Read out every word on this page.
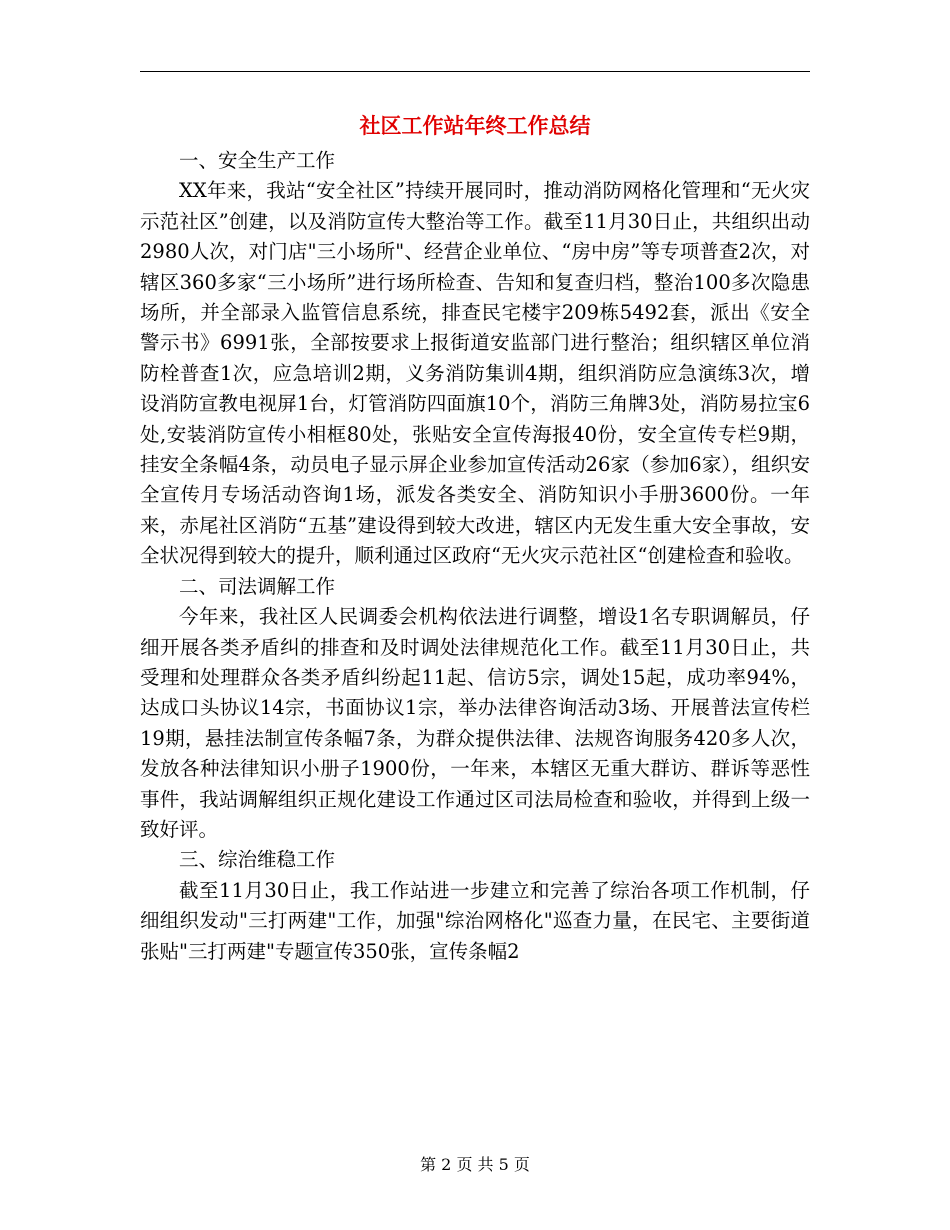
社区工作站年终工作总结

一、安全生产工作

XX年来，我站“安全社区”持续开展同时，推动消防网格化管理和“无火灾示范社区”创建，以及消防宣传大整治等工作。截至11月30日止，共组织出动2980人次，对门店"三小场所"、经营企业单位、“房中房”等专项普查2次，对辖区360多家“三小场所”进行场所检查、告知和复查归档，整治100多次隐患场所，并全部录入监管信息系统，排查民宅楼宇209栋5492套，派出《安全警示书》6991张，全部按要求上报街道安监部门进行整治；组织辖区单位消防栓普查1次，应急培训2期，义务消防集训4期，组织消防应急演练3次，增设消防宣教电视屏1台，灯管消防四面旗10个，消防三角牌3处，消防易拉宝6处,安装消防宣传小相框80处，张贴安全宣传海报40份，安全宣传专栏9期，挂安全条幅4条，动员电子显示屏企业参加宣传活动26家（参加6家），组织安全宣传月专场活动咨询1场，派发各类安全、消防知识小手册3600份。一年来，赤尾社区消防“五基”建设得到较大改进，辖区内无发生重大安全事故，安全状况得到较大的提升，顺利通过区政府“无火灾示范社区“创建检查和验收。

二、司法调解工作

今年来，我社区人民调委会机构依法进行调整，增设1名专职调解员，仔细开展各类矛盾纠的排查和及时调处法律规范化工作。截至11月30日止，共受理和处理群众各类矛盾纠纷起11起、信访5宗，调处15起，成功率94%，达成口头协议14宗，书面协议1宗，举办法律咨询活动3场、开展普法宣传栏19期，悬挂法制宣传条幅7条，为群众提供法律、法规咨询服务420多人次，发放各种法律知识小册子1900份，一年来，本辖区无重大群访、群诉等恶性事件，我站调解组织正规化建设工作通过区司法局检查和验收，并得到上级一致好评。

三、综治维稳工作

截至11月30日止，我工作站进一步建立和完善了综治各项工作机制，仔细组织发动"三打两建"工作，加强"综治网格化"巡查力量，在民宅、主要街道张贴"三打两建"专题宣传350张，宣传条幅2

第 2 页 共 5 页
